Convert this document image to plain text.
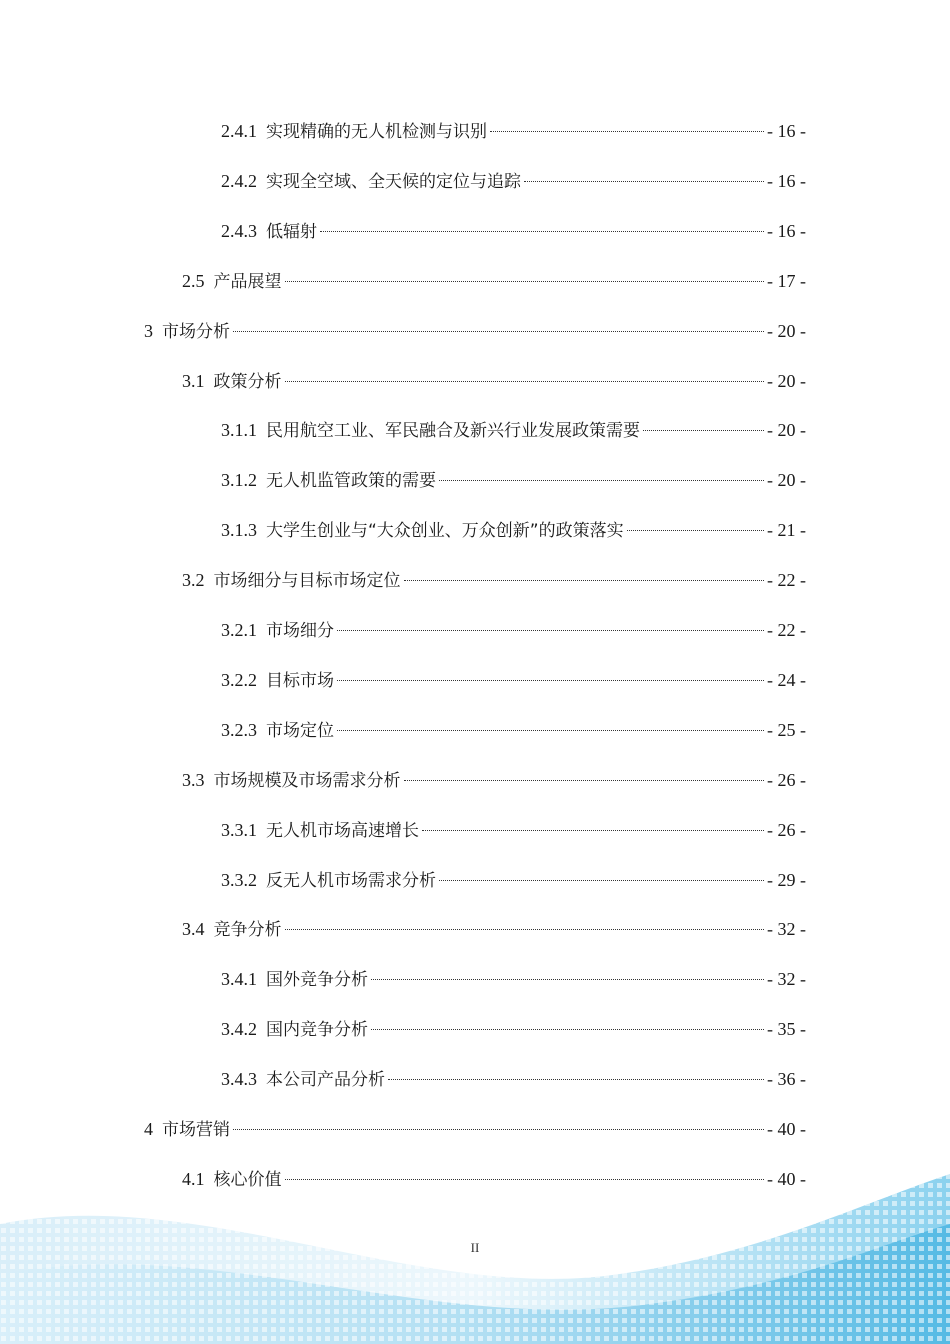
2.4.1 实现精确的无人机检测与识别	- 16 -
2.4.2 实现全空域、全天候的定位与追踪	- 16 -
2.4.3 低辐射	- 16 -
2.5 产品展望	- 17 -
3 市场分析	- 20 -
3.1 政策分析	- 20 -
3.1.1 民用航空工业、军民融合及新兴行业发展政策需要	- 20 -
3.1.2 无人机监管政策的需要	- 20 -
3.1.3 大学生创业与“大众创业、万众创新”的政策落实	- 21 -
3.2 市场细分与目标市场定位	- 22 -
3.2.1 市场细分	- 22 -
3.2.2 目标市场	- 24 -
3.2.3 市场定位	- 25 -
3.3 市场规模及市场需求分析	- 26 -
3.3.1 无人机市场高速增长	- 26 -
3.3.2 反无人机市场需求分析	- 29 -
3.4 竞争分析	- 32 -
3.4.1 国外竞争分析	- 32 -
3.4.2 国内竞争分析	- 35 -
3.4.3 本公司产品分析	- 36 -
4 市场营销	- 40 -
4.1 核心价值	- 40 -
II
